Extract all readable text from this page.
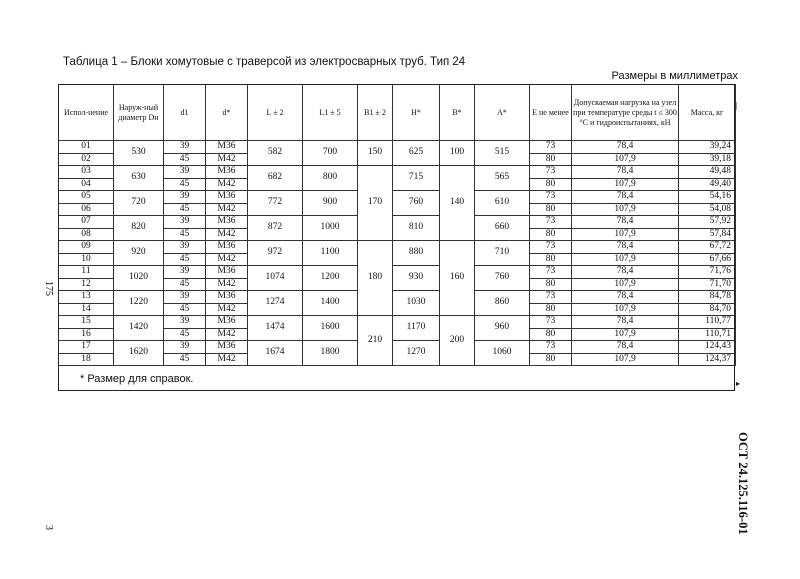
Таблица 1 – Блоки хомутовые с траверсой из электросварных труб. Тип 24
Размеры в миллиметрах
Испол-нение	Наруж-ный диаметр Dн	d1	d*	L ± 2	L1 ± 5	B1 ± 2	H*	B*	A*	E не менее	Допускаемая нагрузка на узел при температуре среды t ≤ 300 °C и гидроиспытаниях, кН	Масса, кг
01	530	39	М36	582	700	150	625	100	515	73	78,4	39,24
02		45	М42							80	107,9	39,18
03	630	39	М36	682	800	170	715	140	565	73	78,4	49,48
04		45	М42							80	107,9	49,40
05	720	39	М36	772	900		760		610	73	78,4	54,16
06		45	М42							80	107,9	54,08
07	820	39	М36	872	1000		810		660	73	78,4	57,92
08		45	М42							80	107,9	57,84
09	920	39	М36	972	1100	180	880	160	710	73	78,4	67,72
10		45	М42							80	107,9	67,66
11	1020	39	М36	1074	1200		930		760	73	78,4	71,76
12		45	М42							80	107,9	71,70
13	1220	39	М36	1274	1400		1030		860	73	78,4	84,78
14		45	М42							80	107,9	84,70
15	1420	39	М36	1474	1600	210	1170	200	960	73	78,4	110,77
16		45	М42							80	107,9	110,71
17	1620	39	М36	1674	1800		1270		1060	73	78,4	124,43
18		45	М42							80	107,9	124,37
* Размер для справок.
ОСТ 24.125.116-01
175
3
▸
|
